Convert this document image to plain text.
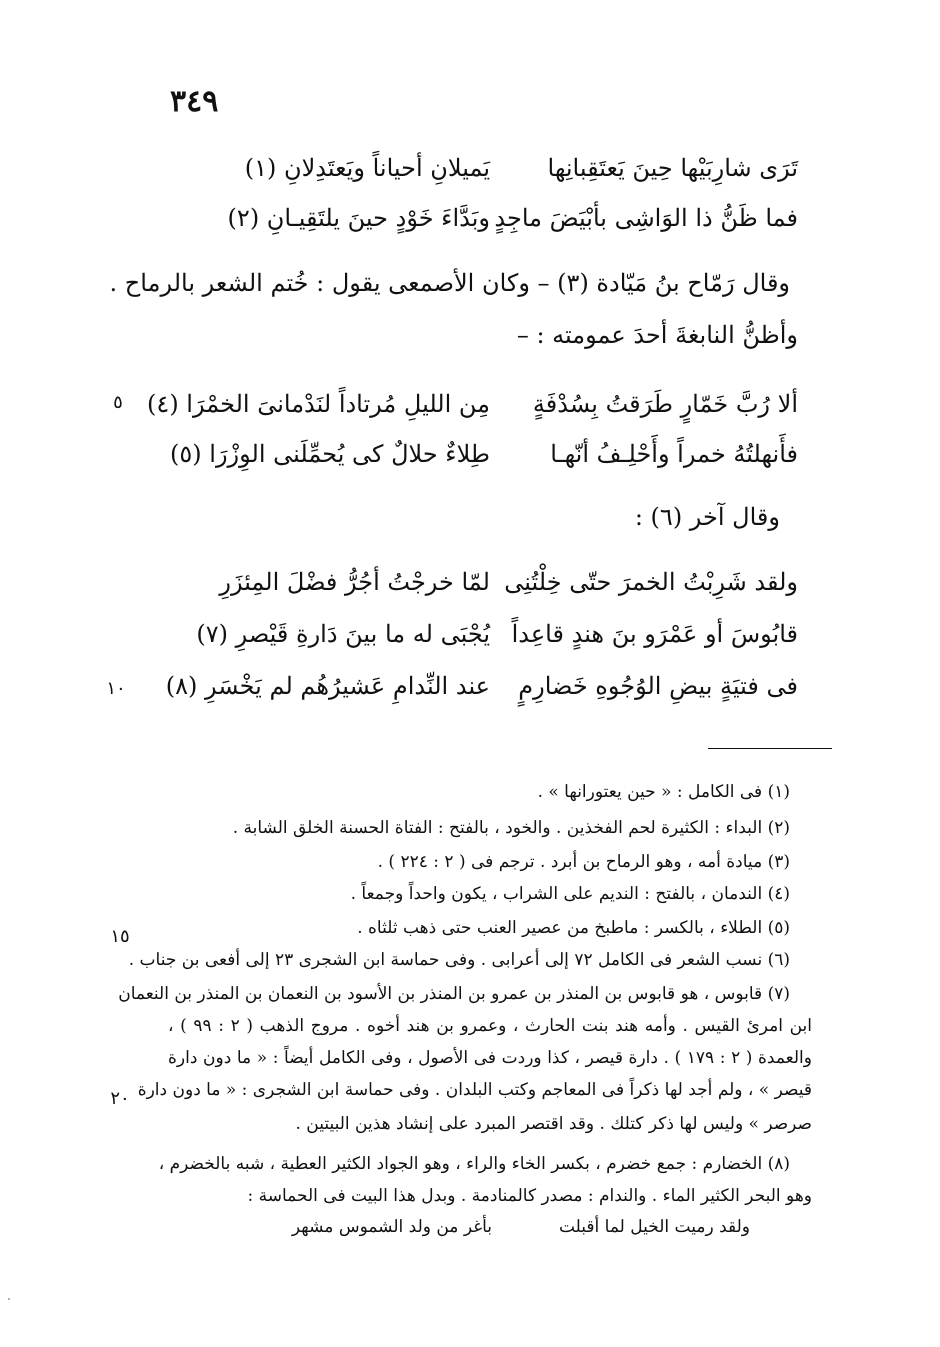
٣٤٩
تَرَى شارِبَيْها حِينَ يَعتَقِبانِها
يَميلانِ أحياناً ويَعتَدِلانِ (١)
فما ظَنُّ ذا الوَاشِى بأبْيَضَ ماجِدٍ
وبَدَّاءَ خَوْدٍ حينَ يلتَقِيـانِ (٢)
وقال رَمّاح بنُ مَيّادة (٣) – وكان الأصمعى يقول : خُتم الشعر بالرماح .
وأظنُّ النابغةَ أحدَ عمومته : –
ألا رُبَّ خَمّارٍ طَرَقتُ بِسُدْفَةٍ
مِن الليلِ مُرتاداً لنَدْمانىَ الخمْرَا (٤)
٥
فأَنهلتُهُ خمراً وأَحْلِـفُ أنّهـا
طِلاءٌ حلالٌ كى يُحمِّلَنى الوِزْرَا (٥)
وقال آخر (٦) :
ولقد شَرِبْتُ الخمرَ حتّى خِلْتُنِى
لمّا خرجْتُ أجُرُّ فضْلَ المِئزَرِ
قابُوسَ أو عَمْرَو بنَ هندٍ قاعِداً
يُجْبَى له ما بينَ دَارةِ قَيْصرِ (٧)
فى فتيَةٍ بيضِ الوُجُوهِ خَضارِمٍ
عند النِّدامِ عَشيرُهُم لم يَخْسَرِ (٨)
١٠
(١) فى الكامل : « حين يعتورانها » .
(٢) البداء : الكثيرة لحم الفخذين . والخود ، بالفتح : الفتاة الحسنة الخلق الشابة .
(٣) ميادة أمه ، وهو الرماح بن أبرد . ترجم فى ( ٢ : ٢٢٤ ) .
(٤) الندمان ، بالفتح : النديم على الشراب ، يكون واحداً وجمعاً .
(٥) الطلاء ، بالكسر : ماطبخ من عصير العنب حتى ذهب ثلثاه .
١٥
(٦) نسب الشعر فى الكامل ٧٢ إلى أعرابى . وفى حماسة ابن الشجرى ٢٣ إلى أفعى بن جناب .
(٧) قابوس ، هو قابوس بن المنذر بن عمرو بن المنذر بن الأسود بن النعمان بن المنذر بن النعمان
ابن امرئ القيس . وأمه هند بنت الحارث ، وعمرو بن هند أخوه . مروج الذهب ( ٢ : ٩٩ ) ،
والعمدة ( ٢ : ١٧٩ ) . دارة قيصر ، كذا وردت فى الأصول ، وفى الكامل أيضاً : « ما دون دارة
قيصر » ، ولم أجد لها ذكراً فى المعاجم وكتب البلدان . وفى حماسة ابن الشجرى : « ما دون دارة
٢٠
صرصر » وليس لها ذكر كتلك . وقد اقتصر المبرد على إنشاد هذين البيتين .
(٨) الخضارم : جمع خضرم ، بكسر الخاء والراء ، وهو الجواد الكثير العطية ، شبه بالخضرم ،
وهو البحر الكثير الماء . والندام : مصدر كالمنادمة . وبدل هذا البيت فى الحماسة :
ولقد رميت الخيل لما أقبلت
بأغر من ولد الشموس مشهر
